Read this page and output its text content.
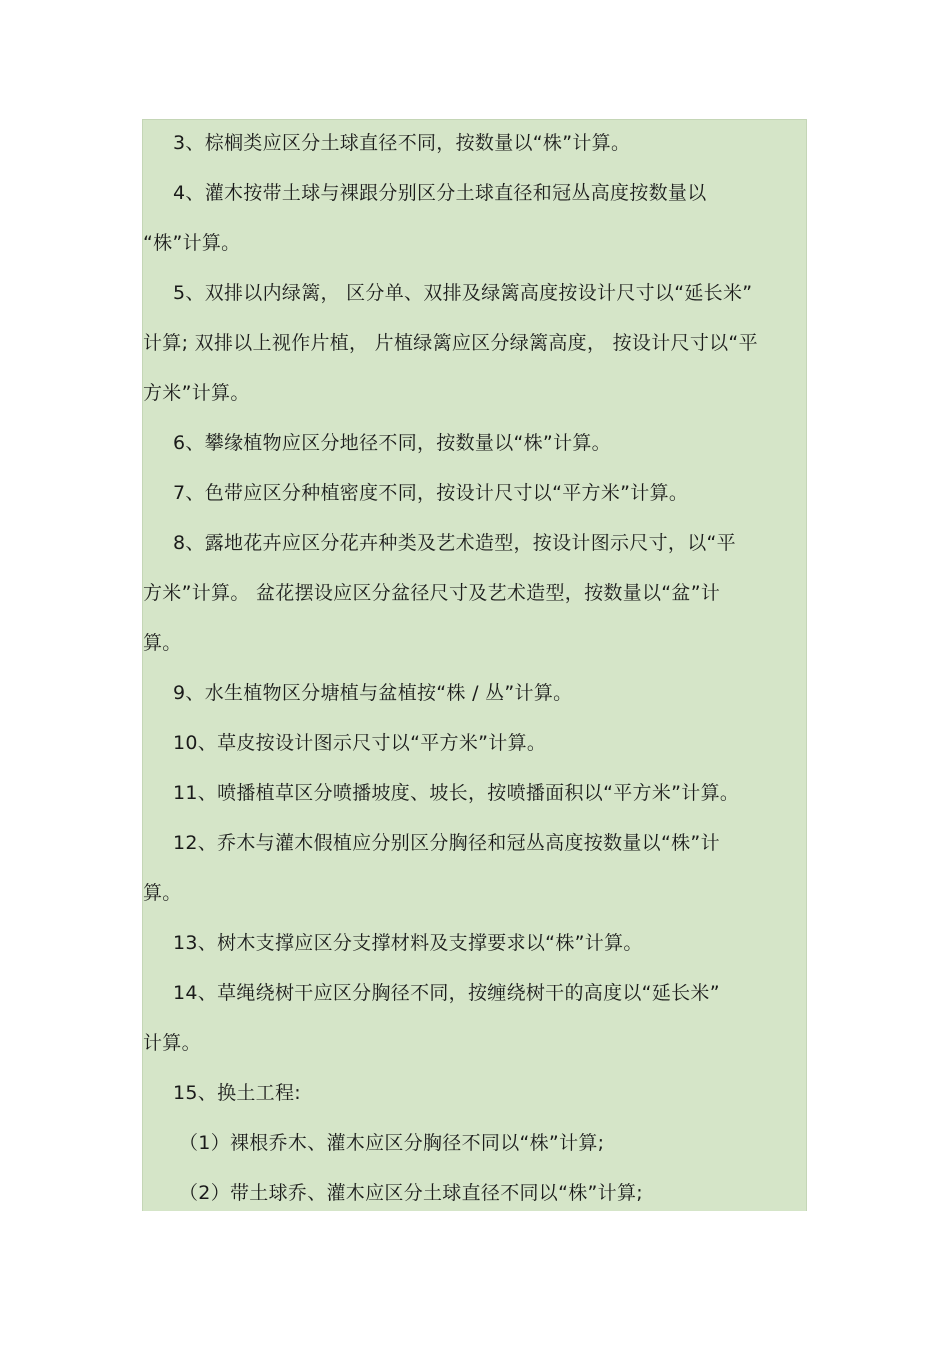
3、棕榈类应区分土球直径不同，按数量以“株”计算。
4、灌木按带土球与裸跟分别区分土球直径和冠丛高度按数量以
“株”计算。
5、双排以内绿篱， 区分单、双排及绿篱高度按设计尺寸以“延长米”
计算; 双排以上视作片植， 片植绿篱应区分绿篱高度， 按设计尺寸以“平
方米”计算。
6、攀缘植物应区分地径不同，按数量以“株”计算。
7、色带应区分种植密度不同，按设计尺寸以“平方米”计算。
8、露地花卉应区分花卉种类及艺术造型，按设计图示尺寸，以“平
方米”计算。 盆花摆设应区分盆径尺寸及艺术造型，按数量以“盆”计
算。
9、水生植物区分塘植与盆植按“株 / 丛”计算。
10、草皮按设计图示尺寸以“平方米”计算。
11、喷播植草区分喷播坡度、坡长，按喷播面积以“平方米”计算。
12、乔木与灌木假植应分别区分胸径和冠丛高度按数量以“株”计
算。
13、树木支撑应区分支撑材料及支撑要求以“株”计算。
14、草绳绕树干应区分胸径不同，按缠绕树干的高度以“延长米”
计算。
15、换土工程:
（1）裸根乔木、灌木应区分胸径不同以“株”计算;
（2）带土球乔、灌木应区分土球直径不同以“株”计算;
